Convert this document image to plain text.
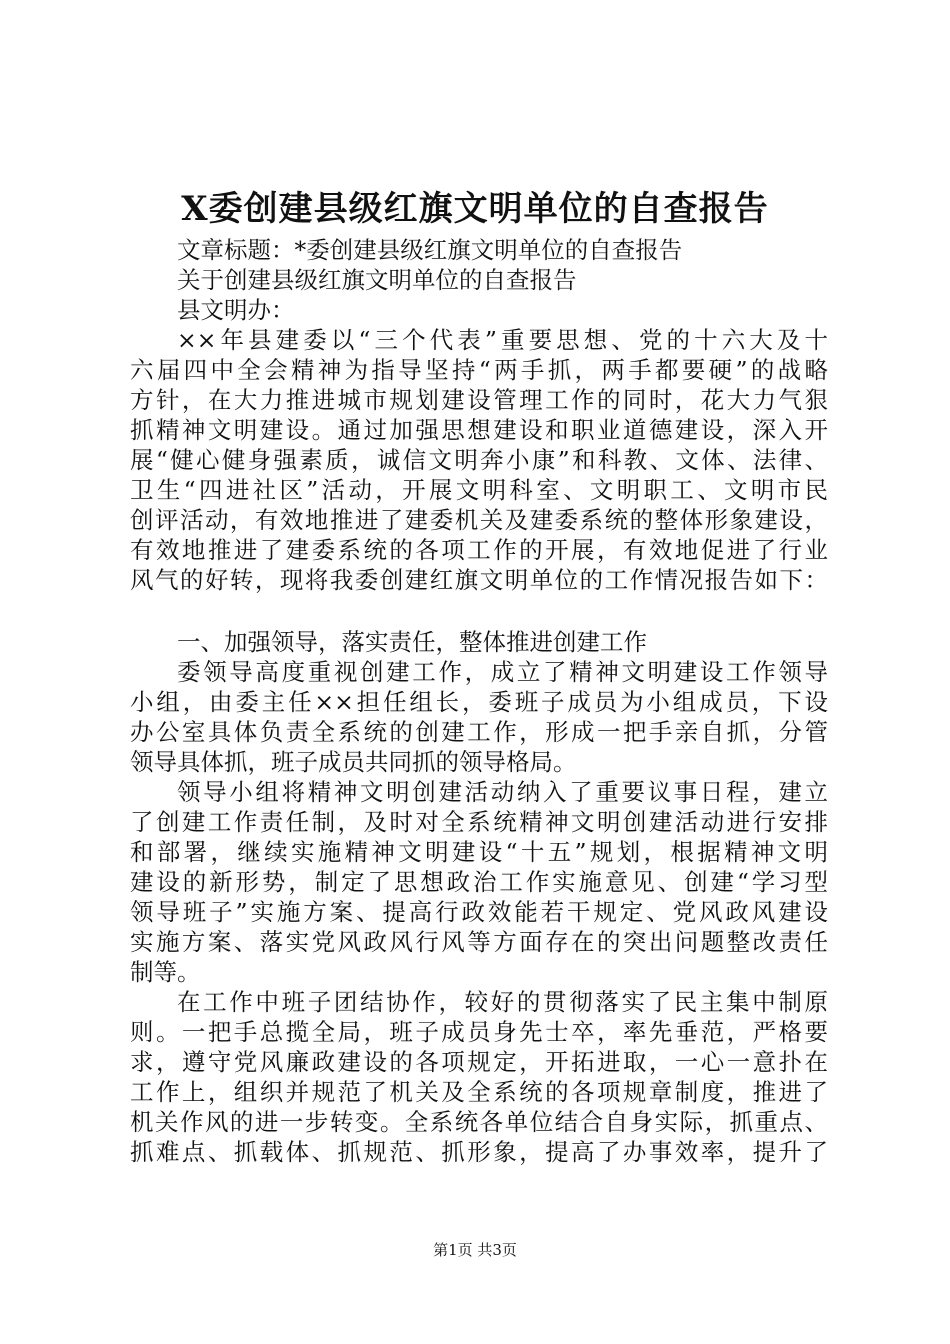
X委创建县级红旗文明单位的自查报告
文章标题：*委创建县级红旗文明单位的自查报告
关于创建县级红旗文明单位的自查报告
县文明办：
××年县建委以“三个代表”重要思想、党的十六大及十
六届四中全会精神为指导坚持“两手抓，两手都要硬”的战略
方针，在大力推进城市规划建设管理工作的同时，花大力气狠
抓精神文明建设。通过加强思想建设和职业道德建设，深入开
展“健心健身强素质，诚信文明奔小康”和科教、文体、法律、
卫生“四进社区”活动，开展文明科室、文明职工、文明市民
创评活动，有效地推进了建委机关及建委系统的整体形象建设，
有效地推进了建委系统的各项工作的开展，有效地促进了行业
风气的好转，现将我委创建红旗文明单位的工作情况报告如下：
一、加强领导，落实责任，整体推进创建工作
委领导高度重视创建工作，成立了精神文明建设工作领导
小组，由委主任××担任组长，委班子成员为小组成员，下设
办公室具体负责全系统的创建工作，形成一把手亲自抓，分管
领导具体抓，班子成员共同抓的领导格局。
领导小组将精神文明创建活动纳入了重要议事日程，建立
了创建工作责任制，及时对全系统精神文明创建活动进行安排
和部署，继续实施精神文明建设“十五”规划，根据精神文明
建设的新形势，制定了思想政治工作实施意见、创建“学习型
领导班子”实施方案、提高行政效能若干规定、党风政风建设
实施方案、落实党风政风行风等方面存在的突出问题整改责任
制等。
在工作中班子团结协作，较好的贯彻落实了民主集中制原
则。一把手总揽全局，班子成员身先士卒，率先垂范，严格要
求，遵守党风廉政建设的各项规定，开拓进取，一心一意扑在
工作上，组织并规范了机关及全系统的各项规章制度，推进了
机关作风的进一步转变。全系统各单位结合自身实际，抓重点、
抓难点、抓载体、抓规范、抓形象，提高了办事效率，提升了
第1页 共3页
